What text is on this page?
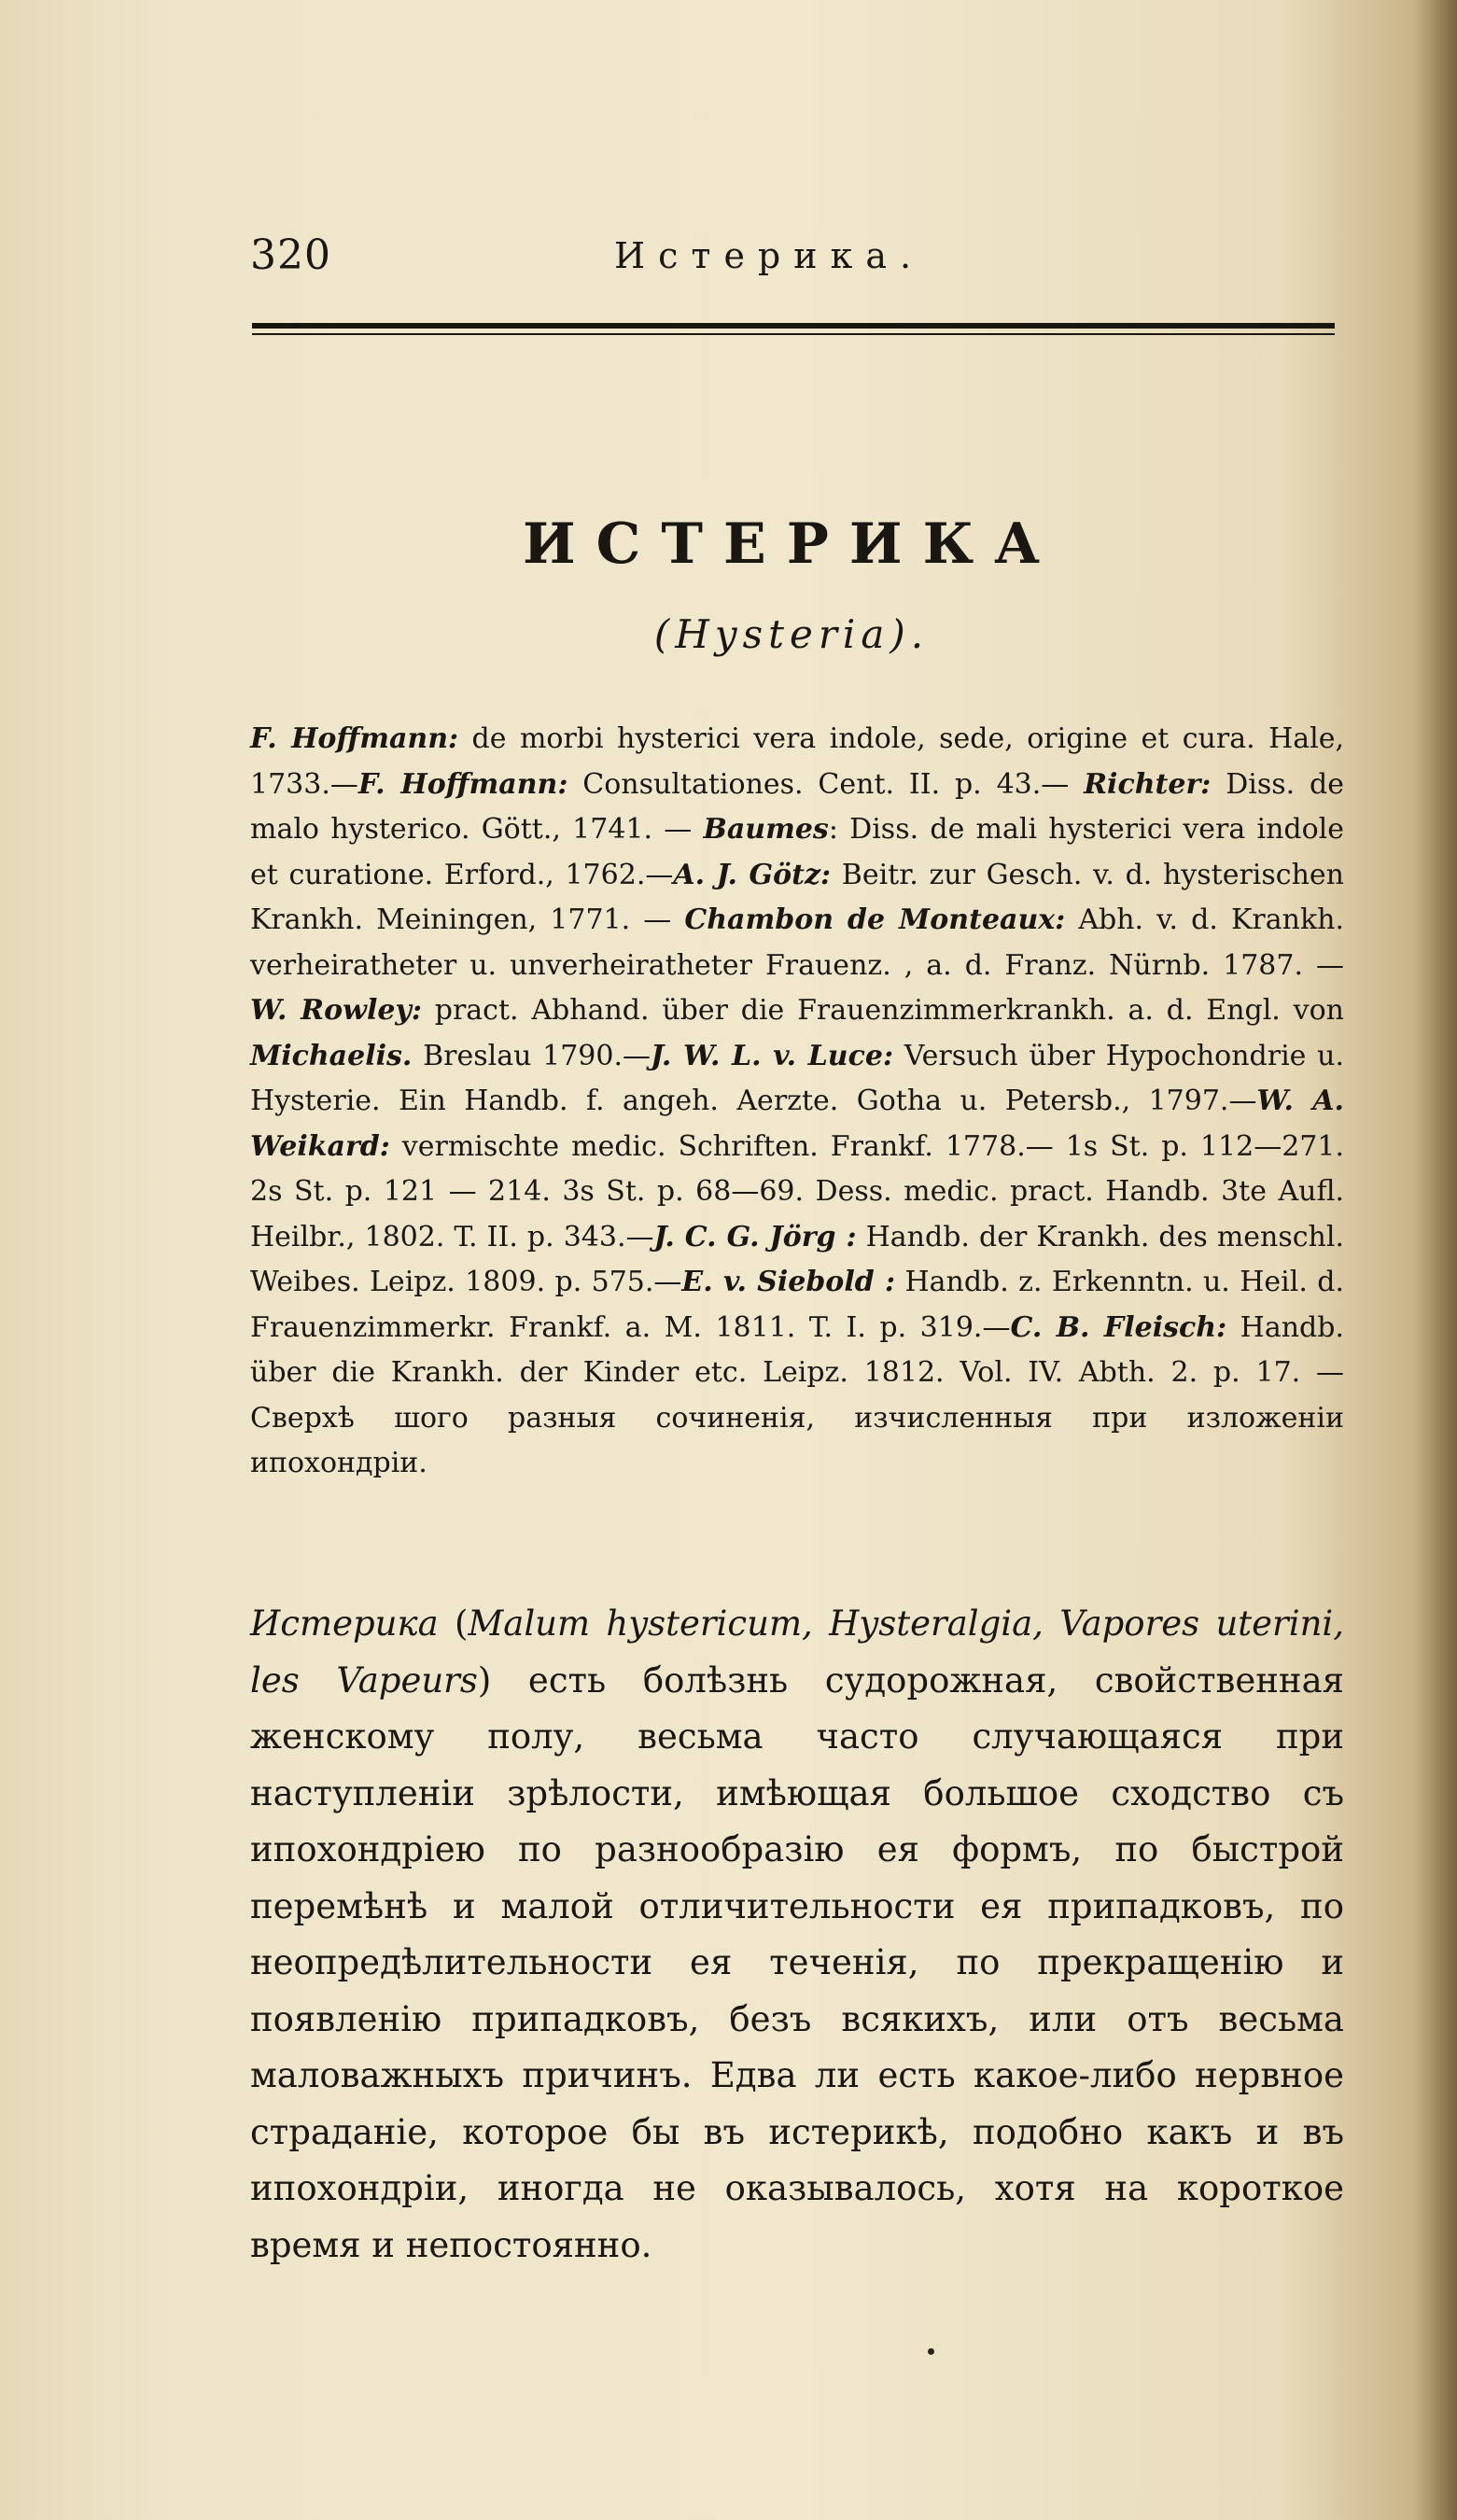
320	Истерика.
ИСТЕРИКА
(Hysteria).
F. Hoffmann: de morbi hysterici vera indole, sede, origine et cura. Hale, 1733.—F. Hoffmann: Consultationes. Cent. II. p. 43.— Richter: Diss. de malo hysterico. Gött., 1741. — Baumes: Diss. de mali hysterici vera indole et curatione. Erford., 1762.—A. J. Götz: Beitr. zur Gesch. v. d. hysterischen Krankh. Meiningen, 1771. — Chambon de Monteaux: Abh. v. d. Krankh. verheiratheter u. unverheiratheter Frauenz. , a. d. Franz. Nürnb. 1787. — W. Rowley: pract. Abhand. über die Frauenzimmerkrankh. a. d. Engl. von Michaelis. Breslau 1790.—J. W. L. v. Luce: Versuch über Hypochondrie u. Hysterie. Ein Handb. f. angeh. Aerzte. Gotha u. Petersb., 1797.—W. A. Weikard: vermischte medic. Schriften. Frankf. 1778.— 1s St. p. 112—271. 2s St. p. 121 — 214. 3s St. p. 68—69. Dess. medic. pract. Handb. 3te Aufl. Heilbr., 1802. T. II. p. 343.—J. C. G. Jörg : Handb. der Krankh. des menschl. Weibes. Leipz. 1809. p. 575.—E. v. Siebold : Handb. z. Erkenntn. u. Heil. d. Frauenzimmerkr. Frankf. a. M. 1811. T. I. p. 319.—C. B. Fleisch: Handb. über die Krankh. der Kinder etc. Leipz. 1812. Vol. IV. Abth. 2. p. 17. — Сверхѣ шого разныя сочиненія, изчисленныя при изложеніи ипохондріи.
Истерика (Malum hystericum, Hysteralgia, Vapores uterini, les Vapeurs) есть болѣзнь судорожная, свойственная женскому полу, весьма часто случающаяся при наступленіи зрѣлости, имѣющая большое сходство съ ипохондріею по разнообразію ея формъ, по быстрой перемѣнѣ и малой отличительности ея припадковъ, по неопредѣлительности ея теченія, по прекращенію и появленію припадковъ, безъ всякихъ, или отъ весьма маловажныхъ причинъ. Едва ли есть какое-либо нервное страданіе, которое бы въ истерикѣ, подобно какъ и въ ипохондріи, иногда не оказывалось, хотя на короткое время и непостоянно.
